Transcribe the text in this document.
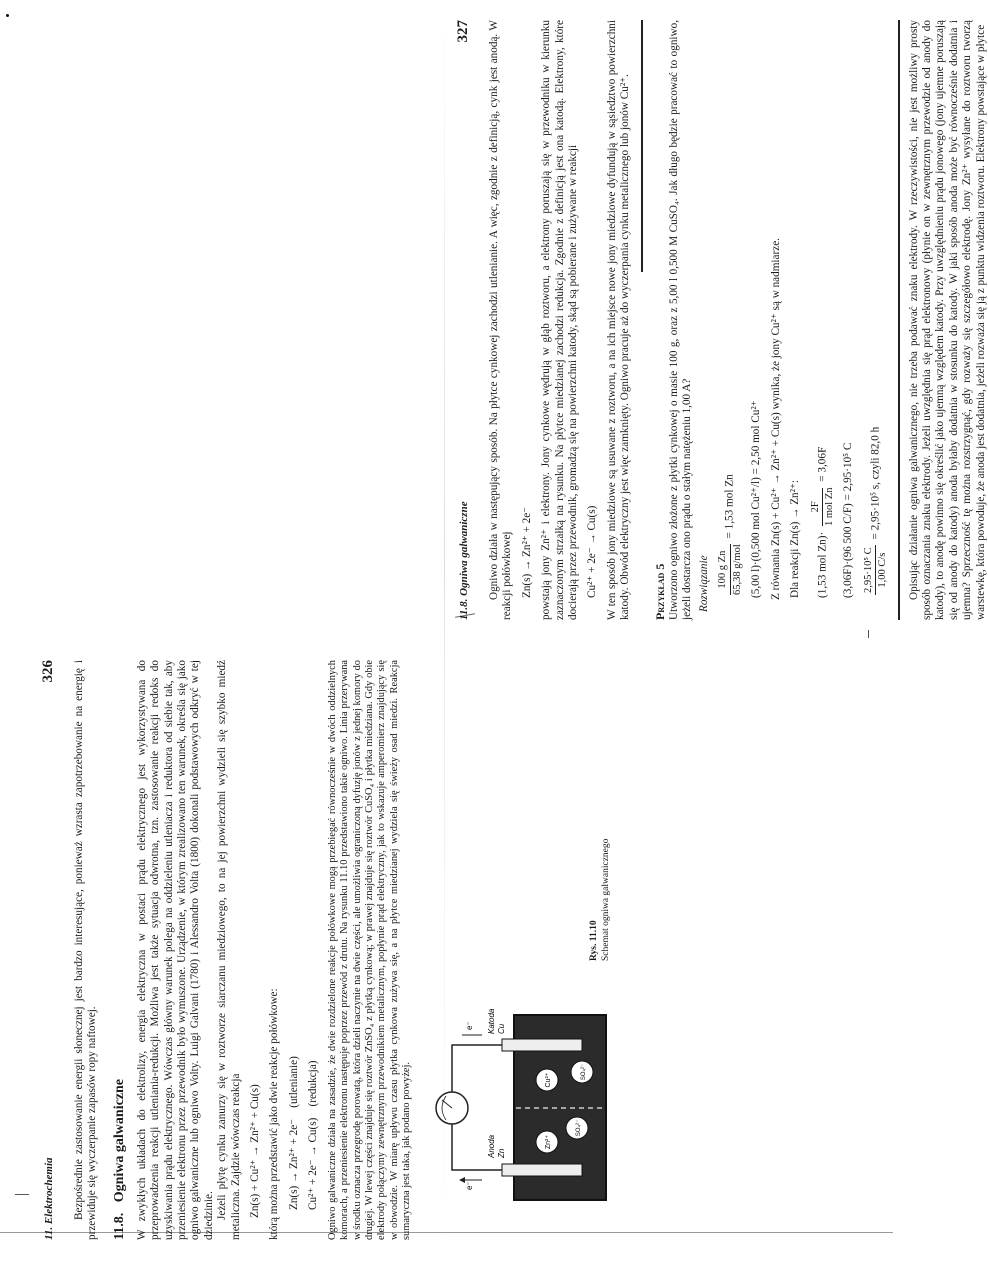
11. Elektrochemia
326 Bezpośrednie zastosowanie energii słonecznej jest bardzo interesujące, ponieważ wzrasta zapotrzebowanie na energię i przewiduje się wyczerpanie zapasów ropy naftowej. 11.8.   Ogniwa galwaniczne W zwykłych układach do elektrolizy, energia elektryczna w postaci prądu elektrycznego jest wykorzystywana do przeprowadzenia reakcji utleniania-redukcji. Możliwa jest także sytuacja odwrotna, tzn. zastosowanie reakcji redoks do uzyskiwania prądu elektrycznego. Wówczas główny warunek polega na oddzieleniu utleniacza i reduktora od siebie tak, aby przeniesienie elektronu przez przewodnik było wymuszone. Urządzenie, w którym zrealizowano ten warunek, określa się jako ogniwo galwaniczne lub ogniwo Volty. Luigi Galvani (1780) i Alessandro Volta (1800) dokonali podstawowych odkryć w tej dziedzinie. Jeżeli płytę cynku zanurzy się w roztworze siarczanu miedziowego, to na jej powierzchni wydzieli się szybko miedź metaliczna. Zajdzie wówczas reakcja Zn(s) + Cu²⁺ → Zn²⁺ + Cu(s) którą można przedstawić jako dwie reakcje połówkowe: Zn(s) → Zn²⁺ + 2e⁻    (utlenianie)
Cu²⁺ + 2e⁻ → Cu(s)    (redukcja) Ogniwo galwaniczne działa na zasadzie, że dwie rozdzielone reakcje połówkowe mogą przebiegać równocześnie w dwóch oddzielnych komorach, a przeniesienie elektronu następuje poprzez przewód z drutu. Na rysunku 11.10 przedstawiono takie ogniwo. Linia przerywana w środku oznacza przegrodę porowatą, która dzieli naczynie na dwie części, ale umożliwia ograniczoną dyfuzję jonów z jednej komory do drugiej. W lewej części znajduje się roztwór ZnSO₄ z płytką cynkową; w prawej znajduje się roztwór CuSO₄ i płytka miedziana. Gdy obie elektrody połączymy zewnętrznym przewodnikiem metalicznym, popłynie prąd elektryczny, jak to wskazuje amperomierz znajdujący się w obwodzie. W miarę upływu czasu płytka cynkowa zużywa się, a na płytce miedzianej wydziela się świeży osad miedzi. Reakcja sumaryczna jest taka, jak podano powyżej.	Zn²⁺
SO₄²⁻
Cu²⁺	SO₄²⁻
e⁻
e⁻
Anoda Zn
Katoda Cu
Rys. 11.10 Schemat ogniwa galwanicznego
11.8. Ogniwa galwaniczne
327 Ogniwo działa w następujący sposób. Na płytce cynkowej zachodzi utlenianie. A więc, zgodnie z definicją, cynk jest anodą. W reakcji połówkowej Zn(s) → Zn²⁺ + 2e⁻ powstają jony Zn²⁺ i elektrony. Jony cynkowe wędrują w głąb roztworu, a elektrony poruszają się w przewodniku w kierunku zaznaczonym strzałką na rysunku. Na płytce miedzianej zachodzi redukcja. Zgodnie z definicją jest ona katodą. Elektrony, które docierają przez przewodnik, gromadzą się na powierzchni katody, skąd są pobierane i zużywane w reakcji Cu²⁺ + 2e⁻ → Cu(s) W ten sposób jony miedziowe są usuwane z roztworu, a na ich miejsce nowe jony miedziowe dyfundują w sąsiedztwo powierzchni katody. Obwód elektryczny jest więc zamknięty. Ogniwo pracuje aż do wyczerpania cynku metalicznego lub jonów Cu²⁺. Przykład 5 Utworzono ogniwo złożone z płytki cynkowej o masie 100 g, oraz z 5,00 l 0,500 M CuSO₄. Jak długo będzie pracować to ogniwo, jeżeli dostarcza ono prądu o stałym natężeniu 1,00 A? Rozwiązanie 100 g Zn 65,38 g/mol
= 1,53 mol Zn	(5,00 l)·(0,500 mol Cu²⁺/l) = 2,50 mol Cu²⁺ Z równania Zn(s) + Cu²⁺ → Zn²⁺ + Cu(s) wynika, że jony Cu²⁺ są w nadmiarze. Dla reakcji Zn(s) → Zn²⁺:	(1,53 mol Zn)·
2F 1 mol Zn
= 3,06F	(3,06F)·(96 500 C/F) = 2,95·10⁵ C 2,95·10⁵ C 1,00 C/s
= 2,95·10⁵ s, czyli 82,0 h	Opisując działanie ogniwa galwanicznego, nie trzeba podawać znaku elektrody. W rzeczywistości, nie jest możliwy prosty sposób oznaczania znaku elektrody. Jeżeli uwzględnia się prąd elektronowy (płynie on w zewnętrznym przewodzie od anody do katody), to anodę powinno się określić jako ujemną względem katody. Przy uwzględnieniu prądu jonowego (jony ujemne poruszają się od anody do katody) anoda byłaby dodatnia w stosunku do katody. W jaki sposób anoda może być równocześnie dodatnia i ujemna? Sprzeczność tę można rozstrzygnąć, gdy rozważy się szczegółowo elektrodę. Jony Zn²⁺ wysyłane do roztworu tworzą warstewkę, która powoduje, że anoda jest dodatnia, jeżeli rozważa się ją z punktu widzenia roztworu. Elektrony powstające w płytce
